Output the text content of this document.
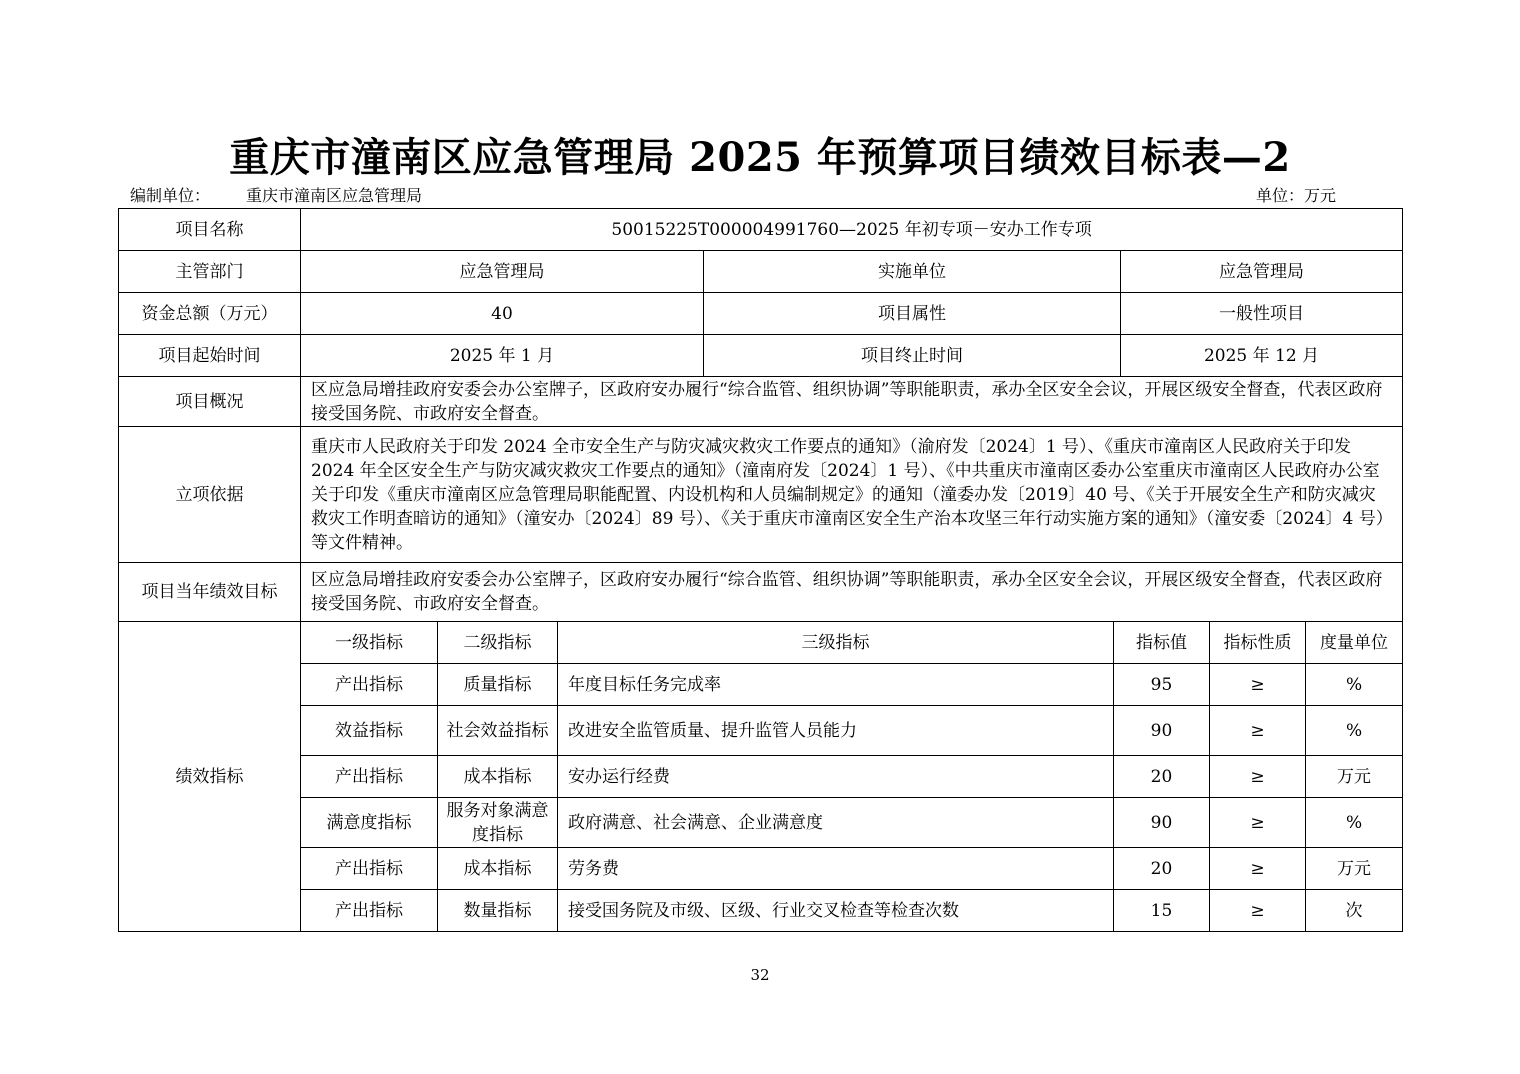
重庆市潼南区应急管理局 2025 年预算项目绩效目标表—2
编制单位： 重庆市潼南区应急管理局	单位：万元
项目名称	50015225T000004991760—2025 年初专项－安办工作专项							
主管部门	应急管理局			实施单位		应急管理局		
资金总额（万元）	40			项目属性		一般性项目		
项目起始时间	2025 年 1 月			项目终止时间		2025 年 12 月		
项目概况	区应急局增挂政府安委会办公室牌子，区政府安办履行“综合监管、组织协调”等职能职责，承办全区安全会议，开展区级安全督查，代表区政府接受国务院、市政府安全督查。							
立项依据	重庆市人民政府关于印发 2024 全市安全生产与防灾减灾救灾工作要点的通知》（渝府发〔2024〕1 号）、《重庆市潼南区人民政府关于印发 2024 年全区安全生产与防灾减灾救灾工作要点的通知》（潼南府发〔2024〕1 号）、《中共重庆市潼南区委办公室重庆市潼南区人民政府办公室关于印发《重庆市潼南区应急管理局职能配置、内设机构和人员编制规定》的通知（潼委办发〔2019〕40 号、《关于开展安全生产和防灾减灾救灾工作明查暗访的通知》（潼安办〔2024〕89 号）、《关于重庆市潼南区安全生产治本攻坚三年行动实施方案的通知》（潼安委〔2024〕4 号）等文件精神。							
项目当年绩效目标	区应急局增挂政府安委会办公室牌子，区政府安办履行“综合监管、组织协调”等职能职责，承办全区安全会议，开展区级安全督查，代表区政府接受国务院、市政府安全督查。							
绩效指标	一级指标	二级指标	三级指标		指标值		指标性质	度量单位
	产出指标	质量指标	年度目标任务完成率		95		≥	%
	效益指标	社会效益指标	改进安全监管质量、提升监管人员能力		90		≥	%
	产出指标	成本指标	安办运行经费		20		≥	万元
	满意度指标	服务对象满意度指标	政府满意、社会满意、企业满意度		90		≥	%
	产出指标	成本指标	劳务费		20		≥	万元
	产出指标	数量指标	接受国务院及市级、区级、行业交叉检查等检查次数		15		≥	次
32
